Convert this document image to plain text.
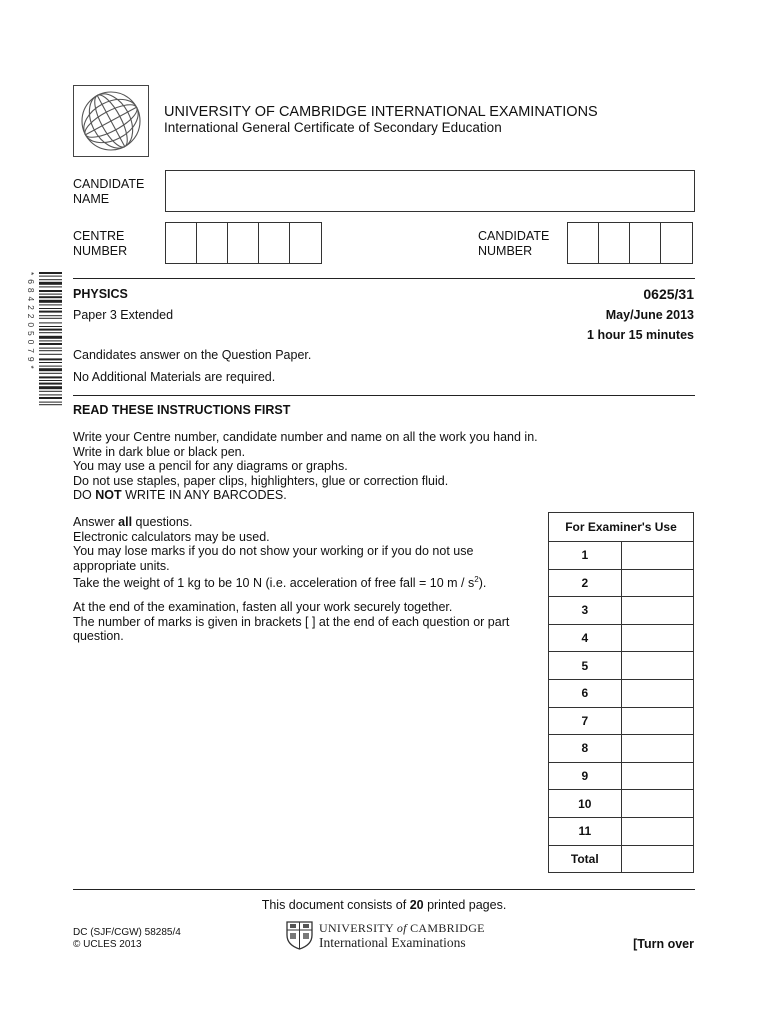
UNIVERSITY OF CAMBRIDGE INTERNATIONAL EXAMINATIONS
International General Certificate of Secondary Education
CANDIDATE
NAME
CENTRE
NUMBER
CANDIDATE
NUMBER
*6842205079*	PHYSICS	0625/31
Paper 3 Extended	May/June 2013
1 hour 15 minutes
Candidates answer on the Question Paper.
No Additional Materials are required.
READ THESE INSTRUCTIONS FIRST
Write your Centre number, candidate number and name on all the work you hand in.
Write in dark blue or black pen.
You may use a pencil for any diagrams or graphs.
Do not use staples, paper clips, highlighters, glue or correction fluid.
DO NOT WRITE IN ANY BARCODES.
Answer all questions.
Electronic calculators may be used.
You may lose marks if you do not show your working or if you do not use
appropriate units.
Take the weight of 1 kg to be 10 N (i.e. acceleration of free fall = 10 m / $s^2$).
At the end of the examination, fasten all your work securely together.
The number of marks is given in brackets [ ] at the end of each question or part
question.
For Examiner's Use	
1	
2	
3	
4	
5	
6	
7	
8	
9	
10	
11	
Total	
This document consists of 20 printed pages.
DC (SJF/CGW) 58285/4
© UCLES 2013
UNIVERSITY of CAMBRIDGE
International Examinations	[Turn over
